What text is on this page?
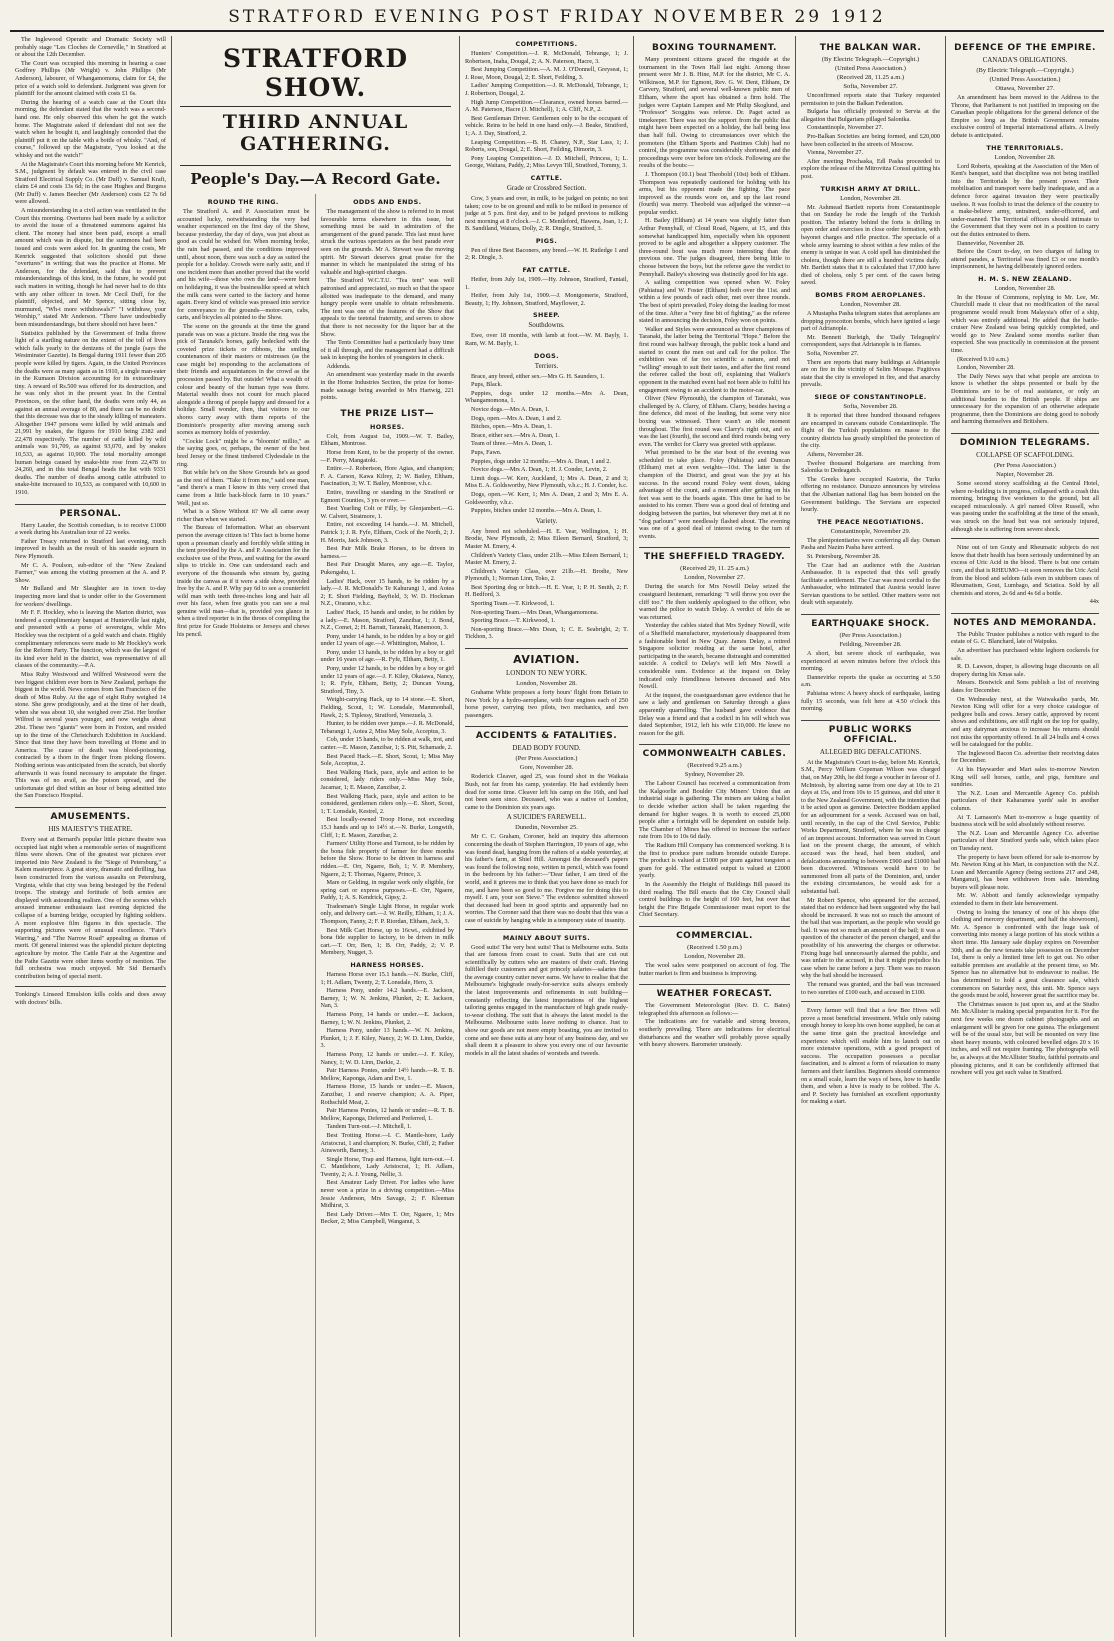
STRATFORD EVENING POST FRIDAY NOVEMBER 29 1912

The Inglewood Operatic and Dramatic Society will probably stage "Les Cloches de Corneville," in Stratford at or about the 12th December.

The Court was occupied this morning in hearing a case Godfrey Phillips (Mr Wright) v. John Phillips (Mr Anderson), labourer, of Whangamomona, claim for £4, the price of a watch sold to defendant. Judgment was given for plaintiff for the amount claimed with costs £1 6s.

During the hearing of a watch case at the Court this morning, the defendant stated that the watch was a second-hand one. He only observed this when he got the watch home. The Magistrate asked if defendant did not see the watch when he bought it, and laughingly conceded that the plaintiff put it on the table with a bottle of whisky. "And, of course," followed up the Magistrate, "you looked at the whisky and not the watch!"

At the Magistrate's Court this morning before Mr Kenrick, S.M., judgment by default was entered in the civil case Stratford Electrical Supply Co. (Mr Duff) v. Samuel Kraft, claim £4 and costs 13s 6d; in the case Hughes and Burgess (Mr Duff) v. James Beecher (Mr Anderson) costs £2 7s 6d were allowed.

A misunderstanding in a civil action was ventilated in the Court this morning. Overtures had been made by a solicitor to avoid the issue of a threatened summons against his client. The money had since been paid, except a small amount which was in dispute, but the summons had been issued and costs were asked for. In granting the costs, Mr Kenrick suggested that solicitors should put these "overtures" in writing; that was the practice at Home. Mr Anderson, for the defendant, said that to prevent misunderstandings of this kind, in the future, he would put such matters in writing, though he had never had to do this with any other officer in town. Mr Cecil Duff, for the plaintiff, objected, and Mr Spence, sitting close by, murmured, "Wh-t more withdrawals?" "I withdraw, your Worship," stated Mr Anderson. "There have undoubtedly been misunderstandings, but there should not have been."

Statistics published by the Government of India throw light of a startling nature on the extent of the toll of lives which falls yearly to the denizens of the jungle (says the Westminster Gazette). In Bengal during 1911 fewer than 205 people were killed by tigers. Again, in the United Provinces the deaths were as many again as in 1910, a single man-eater in the Kumaon Division accounting for its extraordinary tiny. A reward of Rs.500 was offered for its destruction, and he was only shot in the present year. In the Central Provinces, on the other hand, the deaths were only 44, as against an annual average of 80, and there can be no doubt that this decrease was due to the steady killing of maneaters. Altogether 1947 persons were killed by wild animals and 21,991 by snakes, the figures for 1910 being 2382 and 22,478 respectively. The number of cattle killed by wild animals was 91,709, as against 93,070, and by snakes 10,533, as against 10,900. The total mortality amongst human beings caused by snake-bite rose from 22,478 to 24,260, and in this total Bengal heads the list with 9331 deaths. The number of deaths among cattle attributed to snake-bite increased to 10,533, as compared with 10,600 in 1910.

PERSONAL.

Harry Lauder, the Scottish comedian, is to receive £1000 a week during his Australian tour of 22 weeks.

Father Treacy returned to Stratford last evening, much improved in health as the result of his seaside sojourn in New Plymouth.

Mr C. A. Poulson, sub-editor of the "New Zealand Farmer," was among the visiting pressmen at the A. and P. Show.

Mr Bulland and Mr Slaughter are in town to-day inspecting more land that is under offer to the Government for workers' dwellings.

Mr F. F. Hockley, who is leaving the Marton district, was tendered a complimentary banquet at Hunterville last night, and presented with a purse of sovereigns, while Mrs Hockley was the recipient of a gold watch and chain. Highly complimentary references were made to Mr Hockley's work for the Reform Party. The function, which was the largest of its kind ever held in the district, was representative of all classes of the community.—P.A.

Miss Ruby Westwood and Wilfred Westwood were the two biggest children ever born in New Zealand, perhaps the biggest in the world. News comes from San Francisco of the death of Miss Ruby. At the age of eight Ruby weighed 14 stone. She grew prodigiously, and at the time of her death, when she was about 10, she weighed over 25st. Her brother Wilfred is several years younger, and now weighs about 20st. These two "giants" were born in Foxton, and resided up to the time of the Christchurch Exhibition in Auckland. Since that time they have been travelling at Home and in America. The cause of death was blood-poisoning, contracted by a thorn in the finger from picking flowers. Nothing serious was anticipated from the scratch, but shortly afterwards it was found necessary to amputate the finger. This was of no avail, as the poison spread, and the unfortunate girl died within an hour of being admitted into the San Francisco Hospital.

AMUSEMENTS.
HIS MAJESTY'S THEATRE.

Every seat at Bernard's popular little picture theatre was occupied last night when a memorable series of magnificent films were shown. One of the greatest war pictures ever imported into New Zealand is the "Siege of Petersburg," a Kalem masterpiece. A great story, dramatic and thrilling, has been constructed from the various assaults on Petersburg, Virginia, while that city was being besieged by the Federal troops. The strategy and fortitude of both armies are displayed with astounding realism. One of the scenes which aroused immense enthusiasm last evening depicted the collapse of a burning bridge, occupied by fighting soldiers. A more explosive film figures in this spectacle. The supporting pictures were of unusual excellence. "Fate's Warring," and "The Narrow Road" appealing as dramas of merit. Of general interest was the splendid picture depicting agriculture by motor. The Cattle Fair at the Argentine and the Pathe Gazette were other items worthy of mention. The full orchestra was much enjoyed. Mr Sid Bernard's contribution being of special merit.

Tonking's Linseed Emulsion kills colds and does away with doctors' bills.
STRATFORD SHOW.
THIRD ANNUAL GATHERING.
People's Day.—A Record Gate.
ROUND THE RING.

The Stratford A. and P. Association must be accounted lucky, notwithstanding the very bad weather experienced on the first day of the Show, because yesterday, the day of days, was just about as good as could be wished for. When morning broke, the rain had passed, and the conditions improved until, about noon, there was such a day as suited the people for a holiday. Crowds were early astir, and if one incident more than another proved that the world and his wife—those who own the land—were bent on holidaying, it was the businesslike speed at which the milk cans were carted to the factory and home again. Every kind of vehicle was pressed into service for conveyance to the grounds—motor-cars, cabs, carts, and bicycles all pointed to the Show.

The scene on the grounds at the time the grand parade was on was a picture. Inside the ring was the pick of Taranaki's horses, gaily bedecked with the coveted prize tickets or ribbons, the smiling countenances of their masters or mistresses (as the case might be) responding to the acclamations of their friends and acquaintances in the crowd as the procession passed by. But outside! What a wealth of colour and beauty of the human type was there. Material wealth does not count for much placed alongside a throng of people happy and dressed for a holiday. Small wonder, then, that visitors to our shores carry away with them reports of the Dominion's prosperity after moving among such scenes as memory holds of yesterday.

"Cockie Lock" might be a "bloomin' millio," as the saying goes, or, perhaps, the owner of the best bred Jersey or the finest timbered Clydesdale in the ring.

But while he's on the Show Grounds he's as good as the rest of them. "Take it from me," said one man, "and there's a man I know in this very crowd that came from a little back-block farm in 10 years." Well, just so.

What is a Show Without it? We all came away richer than when we started.

The Bureau of Information. What an observant person the average citizen is! This fact is borne home upon a pressman clearly and forcibly while sitting in the tent provided by the A. and P. Association for the exclusive use of the Press, and waiting for the award slips to trickle in. One can understand each and everyone of the thousands who stream by, gazing inside the canvas as if it were a side show, provided free by the A. and P. Why pay 6d to see a counterfeit wild man with teeth three-inches long and hair all over his face, when free gratis you can see a real genuine wild man—that is, provided you glance in when a tired reporter is in the throes of compiling the first prize for Grade Holsteins or Jerseys and chews his pencil.

ODDS AND ENDS.

The management of the show is referred to in most favourable terms elsewhere in this issue, but something must be said in admiration of the arrangement of the grand parade. This last must have struck the various spectators as the best parade ever seen on the grounds. Mr A. Stewart was the moving spirit. Mr Stewart deserves great praise for the manner in which he manipulated the string of his valuable and high-spirited charges.

The Stratford W.C.T.U. "Tea tent" was well patronised and appreciated, so much so that the space allotted was inadequate to the demand, and many hungry people were unable to obtain refreshments. The tent was one of the features of the Show that appeals to the teetotal fraternity, and serves to show that there is not necessity for the liquor bar at the Show.

The Tents Committee had a particularly busy time of it all through, and the management had a difficult task in keeping the hordes of youngsters in check.

Addenda.

An amendment was yesterday made in the awards in the Home Industries Section, the prize for home-made sausage being awarded to Mrs Hartwig, 221 points.

THE PRIZE LIST—
HORSES.

Colt, from August 1st, 1909.—W. T. Bailey, Eltham, Montrose.

Horse from Kent, to be the property of the owner.—F. Perry, Mangatoki.

Entire.—J. Robertson, Hore Agias, and champion; F. A. Carson, Kawa Kilrey, 2; W. Bailey, Eltham, Fascination, 3; W. T. Bailey, Montrose, v.h.c.

Entire, travelling or standing in the Stratford or Egmont Counties, 3 yrs or over.—

Best Yearling Colt or Filly, by Glenjambert.—G. W. Calvert, Stratmore, 1.

Entire, not exceeding 14 hands.—J. M. Mitchell, Patrick 1; J. R. Fyfe, Eltham, Cock of the North, 2; J. H. Morris, Jack Johnson, 3.

Best Pair Milk Brake Horses, to be driven in harness.—

Best Pair Draught Mares, any age.—E. Taylor, Pukengahu, 1.

Ladies' Hack, over 15 hands, to be ridden by a lady.—J. R. McDonald's Te Kahurangi 1, and Aotea 2; E. Short Fielding, Bayfield, 3; W. D. Hockman N.Z., Orarano, v.h.c.

Ladies' Hack, 15 hands and under, to be ridden by a lady.—E. Mason, Stratford, Zanzibar, 1; J. Bond, N.Z., Comet, 2; H. Barratt, Taranaki, Hanemoon, 3.

Pony, under 14 hands, to be ridden by a boy or girl under 12 years of age.—J. Whittington, Mahoe, 1.

Pony, under 13 hands, to be ridden by a boy or girl under 16 years of age.—R. Fyfe, Eltham, Betty, 1.

Pony, under 12 hands, to be ridden by a boy or girl under 12 years of age.—J. F. Kiley, Okaiawa, Nancy, 1; R. Fyfe, Eltham, Betty, 2; Duncan Young, Stratford, Tiny, 3.

Weight-carrying Hack, up to 14 stone.—E. Short, Fielding, Scout, 1; W. Lonsdale, Mammonhall, Hawk, 2; S. Tiplessy, Stratford, Venezuela, 3.

Hunter, to be ridden over jumps.—J. R. McDonald, Tebarangi 1, Aotea 2, Miss May Sole, Acceptus, 3.

Cob, under 15 hands, to be ridden at walk, trot, and canter.—E. Mason, Zanzibar, 1; S. Pitt, Schamade, 2.

Best Paced Hack.—E. Short, Scout, 1; Miss May Sole, Acceptus, 2.

Best Walking Hack, pace, style and action to be considered, lady riders only.—Miss May Sole, Jacamar, 1; E. Mason, Zanzibar, 2.

Best Walking Hack, pace, style and action to be considered, gentlemen riders only.—E. Short, Scout, 1; T. Lonsdale, Kestrel, 2.

Best locally-owned Troop Horse, not exceeding 15.3 hands and up to 14½ st.—N. Burke, Longwith, Cliff, 1; E. Mason, Zanzibar, 2.

Farmers' Utility Horse and Turnout, to be ridden by the bona fide property of farmer for three months before the Show. Horse to be driven in harness and ridden.—E. Orr, Ngaere, Bob, 1; V. P. Membery, Ngaere, 2; T. Thomas, Ngaere, Prince, 3.

Mare or Gelding, in regular work only eligible, for spring cart or express purposes.—E. Orr, Ngaere, Paddy, 1; A. S. Kendrick, Gipsy, 2.

Tradesman's Single Light Horse, in regular work only, and delivery cart.—J. W. Reilly, Eltham, 1; J. A. Thompson, Fanny, 2; F. P. Riordan, Eltham, Jack, 3.

Best Milk Cart Horse, up to 16cwt., exhibited by bona fide supplier to factory, to be driven in milk cart.—T. Orr, Ben, 1; B. Orr, Paddy, 2; V. P. Membery, Nugget, 3.

HARNESS HORSES.

Harness Horse over 15.1 hands.—N. Burke, Cliff, 1; H. Adlam, Twenty, 2; T. Lonsdale, Hero, 3.

Harness Pony, under 14.2 hands.—E. Jackson, Barney, 1; W. N. Jenkins, Plunket, 2; E. Jackson, Nan, 3.

Harness Pony, 14 hands or under.—E. Jackson, Barney, 1; W. N. Jenkins, Plunket, 2.

Harness Pony, under 13 hands.—W. N. Jenkins, Plunket, 1; J. F. Kiley, Nancy, 2; W. D. Linn, Darkie, 3.

Harness Pony, 12 hands or under.—J. F. Kiley, Nancy, 1; W. D. Linn, Darkie, 2.

Pair Harness Ponies, under 14½ hands.—R. T. B. Mellow, Kaponga, Adam and Eve, 1.

Harness Horse, 15 hands or under.—E. Mason, Zanzibar, 1 and reserve champion; A. A. Piper, Rothschild Meat, 2.

Pair Harness Ponies, 12 hands or under.—R. T. B. Mellow, Kaponga, Deferred and Preferred, 1.

Tandem Turn-out.—J. Mitchell, 1.

Best Trotting Horse.—I. C. Mantle-hore, Lady Aristocrat, 1 and champion; N. Burke, Cliff, 2; Father Ainsworth, Barney, 3.

Single Horse, Trap and Harness, light turn-out.—I. C. Mantlehore, Lady Aristocrat, 1; H. Adlam, Twenty, 2; A. J. Young, Nellie, 3.

Best Amateur Lady Driver. For ladies who have never won a prize in a driving competition.—Miss Jessie Anderson, Mrs Savage, 2; F. Kleeman Midhirst, 3.

Best Lady Driver.—Mrs T. Orr, Ngaere, 1; Mrs Becker, 2; Miss Campbell, Wanganui, 3.

COMPETITIONS.

Hunters' Competition.—J. R. McDonald, Tebrange, 1; J. Robertson, Inaha, Dougal, 2; A. N. Paterson, Hacre, 3.

Best Jumping Competition.—A. M. J. O'Donnell, Greyseat, 1; J. Rose, Moon, Dougal, 2; E. Short, Feilding, 3.

Ladies' Jumping Competition.—J. R. McDonald, Tebrange, 1; J. Robertson, Dougal, 2.

High Jump Competition.—Clearance, owned horses barred.—A. M. Paterson, Hacre (J. Mitchell), 1; A. Cliff, N.P., 2.

Best Gentleman Driver. Gentlemen only to be the occupant of vehicle. Reins to be held in one hand only.—J. Beake, Stratford, 1; A. J. Day, Stratford, 2.

Leaping Competition.—B. H. Chaney, N.P., Star Lass, 1; J. Roberts, son, Dougal, 2; E. Short, Feilding, Dimorin, 3.

Pony Leaping Competition.—J. D. Mitchell, Princess, 1; L. George, Waitara, Paddy, 2; Miss Levyn Till, Stratford, Tommy, 3.

CATTLE.
Grade or Crossbred Section.

Cow, 3 years and over, in milk, to be judged on points; no test taken; cow to be on ground and milk to be milked in presence of judge at 5 p.m. first day, and to be judged previous to milking next morning at 8 o'clock.—J. C. Mentleford, Hawera, Joan, 1; J. B. Sandiland, Waitara, Dolly, 2; R. Dingle, Stratford, 3.

PIGS.

Pen of three Best Baconers, any breed.—W. H. Rutledge 1 and 2; R. Dingle, 3.

FAT CATTLE.

Heifer, from July 1st, 1909.—Hy. Johnson, Stratford, Fantail, 1.

Heifer, from July 1st, 1909.—J. Montgomerie, Stratford, Beauty, 1; Hy. Johnson, Stratford, Mayflower, 2.

SHEEP.
Southdowns.

Ewe, over 18 months, with lamb at foot.—W. M. Bayly, 1. Ram, W. M. Bayly, 1.

DOGS.
Terriers.

Brace, any breed, either sex.—Mrs G. H. Saunders, 1.

Pups, Black.

Puppies, dogs under 12 months.—Mrs A. Dean, Whangamomona, 1.

Novice dogs.—Mrs A. Dean, 1.

Dogs, open.—Mrs A. Dean, 1 and 2.

Bitches, open.—Mrs A. Dean, 1.

Brace, either sex.—Mrs A. Dean, 1.

Team of three.—Mrs A. Dean, 1.

Pups, Fawn.

Puppies, dogs under 12 months.—Mrs A. Dean, 1 and 2.

Novice dogs.—Mrs A. Dean, 1; H. J. Conder, Levin, 2.

Limit dogs.—W. Kerr, Auckland, 1; Mrs A. Dean, 2 and 3; Miss E. A. Goldsworthy, New Plymouth, v.h.c.; H. J. Conder, h.c.

Dogs, open.—W. Kerr, 1; Mrs A. Dean, 2 and 3; Mrs E. A. Goldsworthy, v.h.c.

Puppies, bitches under 12 months.—Mrs A. Dean, 1.

Variety.

Any breed not scheduled.—H. E. Vear, Wellington, 1; H. Brodie, New Plymouth, 2; Miss Eileen Bernard, Stratford, 3; Master M. Emery, 4.

Children's Variety Class, under 21lb.—Miss Eileen Bernard, 1; Master M. Emery, 2.

Children's Variety Class, over 21lb.—H. Brodie, New Plymouth, 1; Norman Linn, Toko, 2.

Best Sporting dog or bitch.—H. E. Vear, 1; P. H. Smith, 2; F. H. Bedford, 3.

Sporting Team.—T. Kirkwood, 1.

Non-sporting Team.—Mrs Dean, Whangamomona.

Sporting Brace.—T. Kirkwood, 1.

Non-sporting Brace.—Mrs Dean, 1; C. E. Seabright, 2; T. Tickhon, 3.

AVIATION.
LONDON TO NEW YORK.
London, November 28.

Grahame White proposes a forty hours' flight from Britain to New York by a hydro-aeroplane, with four engines each of 250 horse power, carrying two pilots, two mechanics, and two passengers.

ACCIDENTS & FATALITIES.
DEAD BODY FOUND.
(Per Press Association.)
Gore, November 28.

Roderick Cleaver, aged 25, was found shot in the Waikaia Bush, not far from his camp, yesterday. He had evidently been dead for some time. Cleaver left his camp on the 16th, and had not been seen since. Deceased, who was a native of London, came to the Dominion six years ago.

A SUICIDE'S FAREWELL.
Dunedin, November 25.

Mr C. C. Graham, Coroner, held an inquiry this afternoon concerning the death of Stephen Harrington, 19 years of age, who was found dead, hanging from the rafters of a stable yesterday, at his father's farm, at Shiel Hill. Amongst the deceased's papers was found the following note, written in pencil, which was found in the bedroom by his father:—"Dear father, I am tired of the world, and it grieves me to think that you have done so much for me, and have been so good to me. Forgive me for doing this to myself. I am, your son Steve." The evidence submitted showed that deceased had been in good spirits and apparently had no worries. The Coroner said that there was no doubt that this was a case of suicide by hanging while in a temporary state of insanity.

MAINLY ABOUT SUITS.

Good suits! The very best suits! That is Melbourne suits. Suits that are famous from coast to coast. Suits that are cut out scientifically by cutters who are masters of their craft. Having fulfilled their customers and got princely salaries—salaries that the average country cutter never earns. We have to realise that the Melbourne's highgrade ready-for-service suits always embody the latest improvements and refinements in suit building—constantly reflecting the latest importations of the highest tailoring genius engaged in the manufacture of high grade ready-to-wear clothing. The suit that is always the latest model is the Melbourne. Melbourne suits leave nothing to chance. Just to show our goods are not mere empty boasting, you are invited to come and see these suits at any hour of any business day, and we shall deem it a pleasure to show you every one of our favourite models in all the latest shades of worsteds and tweeds.

BOXING TOURNAMENT.

Many prominent citizens graced the ringside at the tournament in the Town Hall last night. Among those present were Mr J. B. Hine, M.P. for the district, Mr C. A. Wilkinson, M.P. for Egmont, Rev. G. W. Dent, Eltham, Dr Carvery, Stratford, and several well-known public men of Eltham, where the sport has obtained a firm hold. The judges were Captain Lampen and Mr Philip Skoglund, and "Professor" Scoggins was referee. Dr. Paget acted as timekeeper. There was not the support from the public that might have been expected on a holiday, the hall being less than half full. Owing to circumstances over which the promoters (the Eltham Sports and Pastimes Club) had no control, the programme was considerably shortened, and the proceedings were over before ten o'clock. Following are the results of the bouts:—

J. Thompson (10.1) beat Theobold (10st) both of Eltham. Thompson was repeatedly cautioned for holding with his arms, but his opponent made the fighting. The pace improved as the rounds wore on, and up the last round (fourth) was merry. Theobold was adjudged the winner—a popular verdict.

H. Bailey (Eltham) at 14 years was slightly fatter than Arthur Pennyhall, of Cloud Road, Ngaere, at 15, and this somewhat handicapped him, especially when his opponent proved to be agile and altogether a slippery customer. The three-round bout was much more interesting than the previous one. The judges disagreed, there being little to choose between the boys, but the referee gave the verdict to Pennyhall. Bailey's showing was distinctly good for his age.

A sailing competition was opened when W. Foley (Pahiatua) and W. Foster (Eltham) both over the 11st. and within a few pounds of each other, met over three rounds. The best of spirit prevailed, Foley doing the leading for most of the time. After a "very fine bit of fighting," as the referee stated in announcing the decision, Foley won on points.

Walker and Styles were announced as three champions of Taranaki, the latter being the Territorial "Hope." Before the first round was halfway through, the public took a hand and started to count the men out and call for the police. The exhibition was of far too scientific a nature, and not "willing" enough to suit their tastes, and after the first round the referee called the bout off, explaining that Walker's opponent in the matched event had not been able to fulfil his engagement owing to an accident to the motor-car.

Oliver (New Plymouth), the champion of Taranaki, was challenged by A. Clarry, of Eltham. Clarry, besides having a fine defence, did most of the leading, but some very nice boxing was witnessed. There wasn't an idle moment throughout. The first round was Clarry's right out, and so was the last (fourth), the second and third rounds being very even. The verdict for Clarry was greeted with applause.

What promised to be the star bout of the evening was scheduled to take place. Foley (Pahiatua) and Duncan (Eltham) met at even weights—10st. The latter is the champion of the District, and great was the joy at his success. In the second round Foley went down, taking advantage of the count, and a moment after getting on his feet was sent to the boards again. This time he had to be assisted to his corner. There was a good deal of feinting and dodging between the parties, but whenever they met at it no "dog parlours" were needlessly flashed about. The evening was one of a good deal of interest owing to the turn of events.

THE SHEFFIELD TRAGEDY.
(Received 29, 11. 25 a.m.)
London, November 27.

During the search for Mrs Nowill Delay seized the coastguard lieutenant, remarking: "I will throw you over the cliff too." He then suddenly apologised to the officer, who warned the police to watch Delay. A verdict of felo de se was returned.

Yesterday the cables stated that Mrs Sydney Nowill, wife of a Sheffield manufacturer, mysteriously disappeared from a fashionable hotel in New Quay. James Delay, a retired Singapore solicitor residing at the same hotel, after participating in the search, became distraught and committed suicide. A codicil to Delay's will left Mrs Nowill a considerable sum. Evidence at the inquest on Delay indicated only friendliness between deceased and Mrs Nowill.

At the inquest, the coastguardsman gave evidence that he saw a lady and gentleman on Saturday through a glass apparently quarrelling. The husband gave evidence that Delay was a friend and that a codicil in his will which was dated September, 1912, left his wife £10,000. He knew no reason for the gift.

COMMONWEALTH CABLES.
(Received 9.25 a.m.)
Sydney, November 29.

The Labour Council has received a communication from the Kalgoorlie and Boulder City Miners' Union that an industrial stage is gathering. The miners are taking a ballot to decide whether action shall be taken regarding the demand for higher wages. It is worth to exceed 25,000 people after a fortnight will be dependent on outside help. The Chamber of Mines has offered to increase the surface rate from 10s to 10s 6d daily.

The Radium Hill Company has commenced working. It is the first to produce pure radium bromide outside Europe. The product is valued at £1000 per gram against tungsten a gram for gold. The estimated output is valued at £2000 yearly.

In the Assembly the Height of Buildings Bill passed its third reading. The Bill enacts that the City Council shall control buildings to the height of 160 feet, but over that height the Fire Brigade Commissioner must report to the Chief Secretary.

COMMERCIAL.
(Received 1.50 p.m.)
London, November 28.

The wool sales were postponed on account of fog. The butter market is firm and business is improving.

WEATHER FORECAST.

The Government Meteorologist (Rev. D. C. Bates) telegraphed this afternoon as follows:—

The indications are for variable and strong breezes, southerly prevailing. There are indications for electrical disturbances and the weather will probably prove squally with heavy showers. Barometer unsteady.

THE BALKAN WAR.
(By Electric Telegraph.—Copyright.)
(United Press Association.)
(Received 28, 11.25 a.m.)
Sofia, November 27.

Unconfirmed reports state that Turkey requested permission to join the Balkan Federation.

Bulgaria has officially protested to Servia at the allegation that Bulgarians pillaged Salonika.

Constantinople, November 27.

Pro-Balkan Societies are being formed, and £20,000 have been collected in the streets of Moscow.

Vienna, November 27.

After meeting Prochaska, Edl Pasha proceeded to explore the release of the Mitrovitza Consul quitting his post.

TURKISH ARMY AT DRILL.
London, November 28.

Mr. Ashmead Bartlett reports from Constantinople that on Sunday he rode the length of the Turkish position. The infantry behind the forts is drilling in open order and exercises in close order formation, with bayonet charges and rifle practice. The spectacle of a whole army learning to shoot within a few miles of the enemy is unique in war. A cold spell has diminished the cholera, though there are still a hundred victims daily. Mr. Bartlett states that it is calculated that 17,000 have died of cholera, only 5 per cent. of the cases being saved.

BOMBS FROM AEROPLANES.
London, November 28.

A Mustapha Pasha telegram states that aeroplanes are dropping pyrocotton bombs, which have ignited a large part of Adrianople.

Mr. Bennett Burleigh, the 'Daily Telegraph's' correspondent, says that Adrianople is in flames.

Sofia, November 27.

There are reports that many buildings at Adrianople are on fire in the vicinity of Selim Mosque. Fugitives state that the city is enveloped in fire, and that anarchy prevails.

SIEGE OF CONSTANTINOPLE.
Sofia, November 28.

It is reported that three hundred thousand refugees are encamped in caravans outside Constantinople. The flight of the Turkish populations en masse to the country districts has greatly simplified the protection of the city.

Athens, November 28.

Twelve thousand Bulgarians are marching from Salonika to Dedeagatch.

The Greeks have occupied Kastoria, the Turks offering no resistance. Durazzo announces by wireless that the Albanian national flag has been hoisted on the Government buildings. The Servians are expected hourly.

THE PEACE NEGOTIATIONS.
Constantinople, November 29.

The plenipotentiaries were conferring all day. Osman Pasha and Nazim Pasha have arrived.

St. Petersburg, November 28.

The Czar had an audience with the Austrian Ambassador. It is expected that this will greatly facilitate a settlement. The Czar was most cordial to the Ambassador, who intimated that Austria would leave Servian questions to be settled. Other matters were not dealt with separately.

EARTHQUAKE SHOCK.
(Per Press Association.)
Feilding, November 28.

A short, but severe shock of earthquake, was experienced at seven minutes before five o'clock this morning.

Dannevirke reports the quake as occurring at 5.50 a.m.

Pahiatua wires: A heavy shock of earthquake, lasting fully 15 seconds, was felt here at 4.50 o'clock this morning.

PUBLIC WORKS OFFICIAL.
ALLEGED BIG DEFALCATIONS.

At the Magistrate's Court to-day, before Mr. Kenrick, S.M., Percy William Copeman Wilson was charged that, on May 20th, he did forge a voucher in favour of J. McIntosh, by altering same from one day at 10s to 21 days at 15s, and from 10s to 15 guineas, and did utter it to the New Zealand Government, with the intention that it be acted upon as genuine. Detective Boddam applied for an adjournment for a week. Accused was on bail, until recently, in the cap of the Civil Service, Public Works Department, Stratford, where he was in charge of an imprest account. Information was served in Court last on the present charge, the amount, of which accused was the head, had been studied, and defalcations amounting to between £900 and £1000 had been discovered. Witnesses would have to be summoned from all parts of the Dominion, and, under the existing circumstances, he would ask for a substantial bail.

Mr Robert Spence, who appeared for the accused, stated that no evidence had been suggested why the bail should be increased. It was not so much the amount of the bail that was important, as the people who would go bail. It was not so much an amount of the bail; it was a question of the character of the person charged, and the possibility of his answering the charges or otherwise. Fixing huge bail unnecessarily alarmed the public, and was unfair to the accused, in that it might prejudice his case when he came before a jury. There was no reason why the bail should be increased.

The remand was granted, and the bail was increased to two sureties of £100 each, and accused in £100.

Every farmer will find that a few Bee Hives will prove a most beneficial investment. While only raising enough honey to keep his own home supplied, he can at the same time gain the practical knowledge and experience which will enable him to launch out on more extensive operations, with a good prospect of success. The occupation possesses a peculiar fascination, and is almost a form of relaxation to many farmers and their families. Beginners should commence on a small scale, learn the ways of bees, how to handle them, and when a hive is ready to be robbed. The A. and P. Society has furnished an excellent opportunity for making a start.

DEFENCE OF THE EMPIRE.
CANADA'S OBLIGATIONS.
(By Electric Telegraph.—Copyright.)
(United Press Association.)
Ottawa, November 27.

An amendment has been moved to the Address to the Throne, that Parliament is not justified in imposing on the Canadian people obligations for the general defence of the Empire so long as the British Government remains exclusive control of Imperial international affairs. A lively debate is anticipated.

THE TERRITORIALS.
London, November 28.

Lord Roberts, speaking at the Association of the Men of Kent's banquet, said that discipline was not being instilled into the Territorials by the present power. Their mobilisation and transport were badly inadequate, and as a defence force against invasion they were practically useless. It was foolish to trust the defence of the country to a make-believe army, untrained, under-officered, and under-manned. The Territorial officers should intimate to the Government that they were not in a position to carry out the duties entrusted to them.

Dannevirke, November 28.

Before the Court to-day, on two charges of failing to attend parades, a Territorial was fined £3 or one month's imprisonment, he having deliberately ignored orders.

H. M. S. NEW ZEALAND.
London, November 28.

In the House of Commons, replying to Mr. Lee, Mr. Churchill made it clear that no modification of the naval programme would result from Malaysia's offer of a ship, which was entirely additional. He added that the battle-cruiser New Zealand was being quickly completed, and would go to New Zealand some months earlier than expected. She was practically in commission at the present time.

(Received 9.10 a.m.)

London, November 28.

The Daily News says that what people are anxious to know is whether the ships presented or built by the Dominions are to be of real assistance, or only an additional burden to the British people. If ships are unnecessary for the expansion of an otherwise adequate programme, then the Dominions are doing good to nobody and harming themselves and Britishers.

DOMINION TELEGRAMS.
COLLAPSE OF SCAFFOLDING.
(Per Press Association.)
Napier, November 28.

Some second storey scaffolding at the Central Hotel, where re-building is in progress, collapsed with a crash this morning, bringing five workmen to the ground, but all escaped miraculously. A girl named Olive Russell, who was passing under the scaffolding at the time of the smash, was struck on the head but was not seriously injured, although she is suffering from severe shock.

Nine out of ten Gouty and Rheumatic subjects do not know that their health has been seriously undermined by an excess of Uric Acid in the blood. There is but one certain cure, and that is RHEUMO—it soon removes the Uric Acid from the blood and seldom fails even in stubborn cases of Rheumatism, Gout, Lumbago, and Sciatica. Sold by all chemists and stores, 2s 6d and 4s 6d a bottle.

44x
NOTES AND MEMORANDA.

The Public Trustee publishes a notice with regard to the estate of G. C. Blanchard, late of Waipuku.

An advertiser has purchased white leghorn cockerels for sale.

R. D. Lawson, draper, is allowing huge discounts on all drapery during his Xmas sale.

Messrs. Bostwick and Sons publish a list of receiving dates for December.

On Wednesday next, at the Waiwakaiho yards, Mr. Newton King will offer for a very choice catalogue of pedigree bulls and cows. Jersey cattle, approved by recent shows and exhibitions, are still right on the top for quality, and any dairyman anxious to increase his returns should not miss the opportunity offered. In all 24 bulls and 4 cows will be catalogued for the public.

The Inglewood Bacon Co. advertise their receiving dates for December.

At his Haywarder and Mart sales to-morrow Newton King will sell horses, cattle, and pigs, furniture and sundries.

The N.Z. Loan and Mercantile Agency Co. publish particulars of their Kaharamea yards' sale in another column.

At T. Lamason's Mart to-morrow a huge quantity of business stock will be sold absolutely without reserve.

The N.Z. Loan and Mercantile Agency Co. advertise particulars of their Stratford yards sale, which takes place on Tuesday next.

The property to have been offered for sale to-morrow by Mr. Newton King at his Mart, in conjunction with the N.Z. Loan and Mercantile Agency (being sections 217 and 248, Manganui), has been withdrawn from sale. Intending buyers will please note.

Mr. W. Abbott and family acknowledge sympathy extended to them in their late bereavement.

Owing to losing the tenancy of one of his shops (the clothing and mercery department, and half the showroom), Mr. A. Spence is confronted with the huge task of converting into money a large portion of his stock within a short time. His January sale display expires on November 30th, and as the new tenants take possession on December 1st, there is only a limited time left to get out. No other suitable premises are available at the present time, so Mr. Spence has no alternative but to endeavour to realise. He has determined to hold a great clearance sale, which commences on Saturday next, this unit. Mr. Spence says the goods must be sold, however great the sacrifice may be.

The Christmas season is just upon us, and at the Studio Mr. McAllister is making special preparation for it. For the next few weeks one dozen cabinet photographs and an enlargement will be given for one guinea. The enlargement will be of the usual size, but will be mounted on very fine sheet heavy mounts, with coloured bevelled edges 20 x 16 inches, and will not require framing. The photographs will be, as always at the McAllister Studio, faithful portraits and pleasing pictures, and it can be confidently affirmed that nowhere will you get such value in Stratford.
